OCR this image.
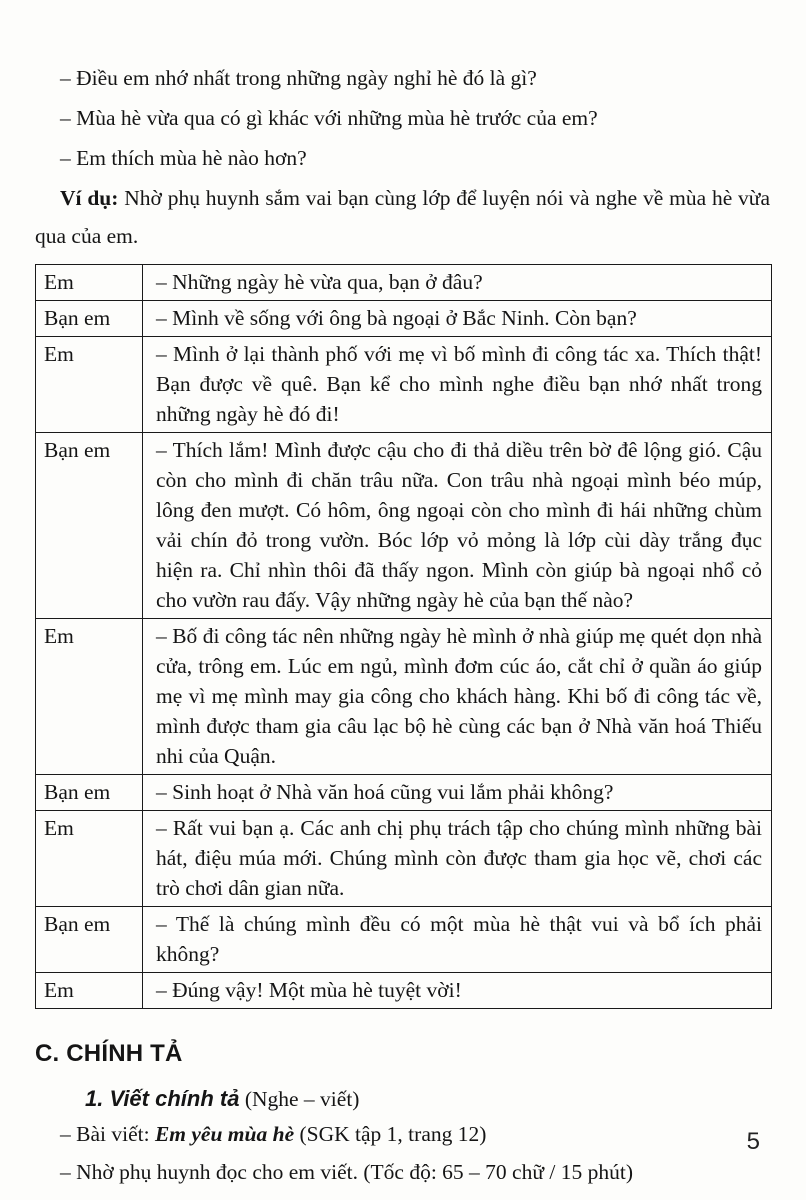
– Điều em nhớ nhất trong những ngày nghỉ hè đó là gì?

– Mùa hè vừa qua có gì khác với những mùa hè trước của em?

– Em thích mùa hè nào hơn?

Ví dụ: Nhờ phụ huynh sắm vai bạn cùng lớp để luyện nói và nghe về mùa hè vừa qua của em.

Em	– Những ngày hè vừa qua, bạn ở đâu?
Bạn em	– Mình về sống với ông bà ngoại ở Bắc Ninh. Còn bạn?
Em	– Mình ở lại thành phố với mẹ vì bố mình đi công tác xa. Thích thật! Bạn được về quê. Bạn kể cho mình nghe điều bạn nhớ nhất trong những ngày hè đó đi!
Bạn em	– Thích lắm! Mình được cậu cho đi thả diều trên bờ đê lộng gió. Cậu còn cho mình đi chăn trâu nữa. Con trâu nhà ngoại mình béo múp, lông đen mượt. Có hôm, ông ngoại còn cho mình đi hái những chùm vải chín đỏ trong vườn. Bóc lớp vỏ mỏng là lớp cùi dày trắng đục hiện ra. Chỉ nhìn thôi đã thấy ngon. Mình còn giúp bà ngoại nhổ cỏ cho vườn rau đấy. Vậy những ngày hè của bạn thế nào?
Em	– Bố đi công tác nên những ngày hè mình ở nhà giúp mẹ quét dọn nhà cửa, trông em. Lúc em ngủ, mình đơm cúc áo, cắt chỉ ở quần áo giúp mẹ vì mẹ mình may gia công cho khách hàng. Khi bố đi công tác về, mình được tham gia câu lạc bộ hè cùng các bạn ở Nhà văn hoá Thiếu nhi của Quận.
Bạn em	– Sinh hoạt ở Nhà văn hoá cũng vui lắm phải không?
Em	– Rất vui bạn ạ. Các anh chị phụ trách tập cho chúng mình những bài hát, điệu múa mới. Chúng mình còn được tham gia học vẽ, chơi các trò chơi dân gian nữa.
Bạn em	– Thế là chúng mình đều có một mùa hè thật vui và bổ ích phải không?
Em	– Đúng vậy! Một mùa hè tuyệt vời!
C. CHÍNH TẢ

1. Viết chính tả (Nghe – viết)

– Bài viết: Em yêu mùa hè (SGK tập 1, trang 12)

– Nhờ phụ huynh đọc cho em viết. (Tốc độ: 65 – 70 chữ / 15 phút)

5
